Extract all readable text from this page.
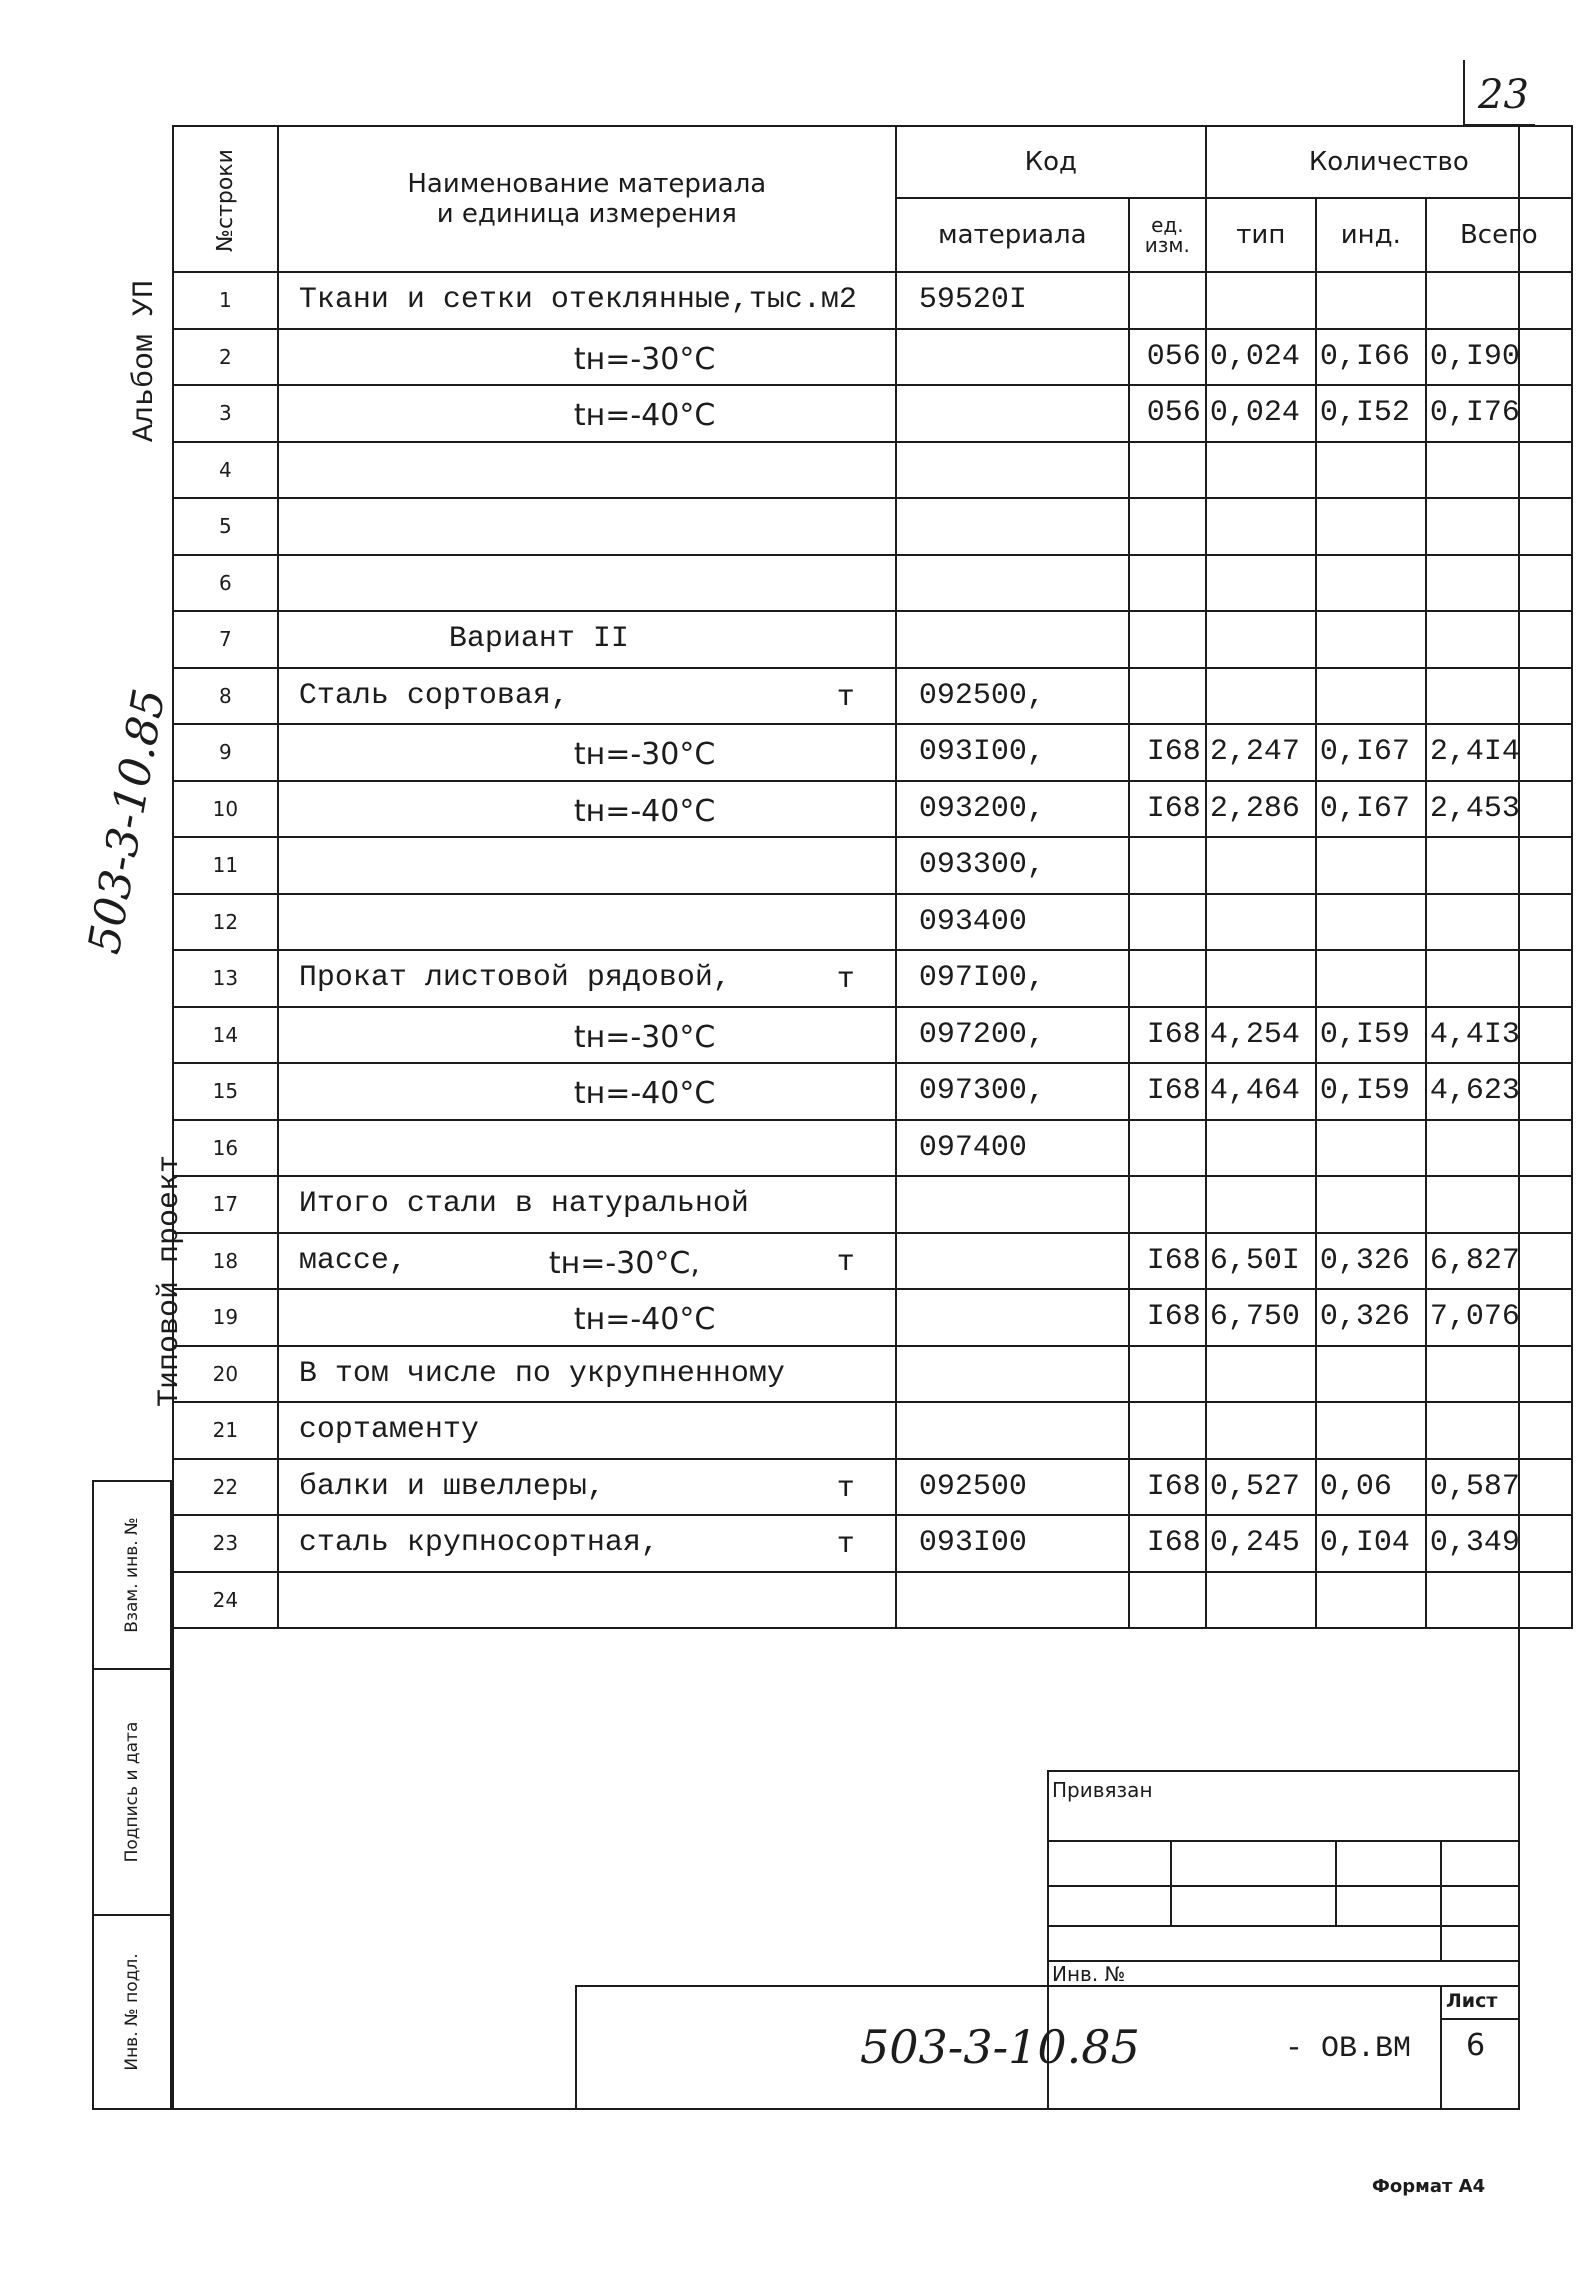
23
№строки	Наименование материала
и единица измерения	Код		Количество		
		материала	ед. изм.	тип	инд.	Всего
1	Ткани и сетки отеклянные,тыс.м2	59520I				
2	tн=-30°С		056	0,024	0,I66	0,I90
3	tн=-40°С		056	0,024	0,I52	0,I76
4						
5						
6						
7	Вариант II					
8	Сталь сортовая, т	092500,				
9	tн=-30°С	093I00,	I68	2,247	0,I67	2,4I4
10	tн=-40°С	093200,	I68	2,286	0,I67	2,453
11		093300,				
12		093400				
13	Прокат листовой рядовой, т	097I00,				
14	tн=-30°С	097200,	I68	4,254	0,I59	4,4I3
15	tн=-40°С	097300,	I68	4,464	0,I59	4,623
16		097400				
17	Итого стали в натуральной					
18	массе, tн=-30°С, т		I68	6,50I	0,326	6,827
19	tн=-40°С		I68	6,750	0,326	7,076
20	В том числе по укрупненному					
21	сортаменту					
22	балки и швеллеры, т	092500	I68	0,527	0,06	0,587
23	сталь крупносортная, т	093I00	I68	0,245	0,I04	0,349
24						
Альбом УП
503-3-10.85
Типовой проект
Взам. инв. №
Подпись и дата
Инв. № подл.
Привязан
Инв. №
503-3-10.85	- ОВ.ВМ
Лист
6
Формат А4
